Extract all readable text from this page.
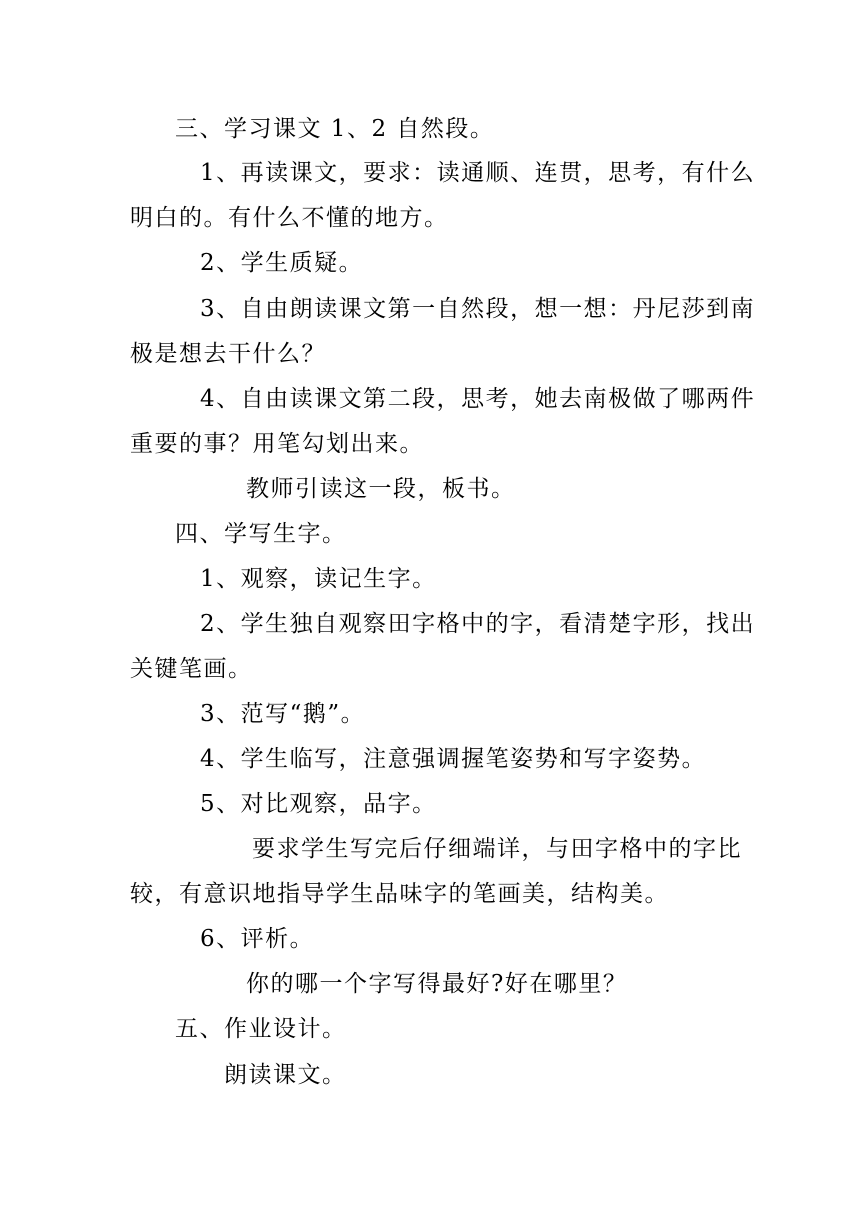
三、学习课文 1、2 自然段。
1、再读课文，要求：读通顺、连贯，思考，有什么
明白的。有什么不懂的地方。
2、学生质疑。
3、自由朗读课文第一自然段，想一想：丹尼莎到南
极是想去干什么？
4、自由读课文第二段，思考，她去南极做了哪两件
重要的事？用笔勾划出来。
教师引读这一段，板书。
四、学写生字。
1、观察，读记生字。
2、学生独自观察田字格中的字，看清楚字形，找出
关键笔画。
3、范写“鹅”。
4、学生临写，注意强调握笔姿势和写字姿势。
5、对比观察，品字。
要求学生写完后仔细端详，与田字格中的字比
较，有意识地指导学生品味字的笔画美，结构美。
6、评析。
你的哪一个字写得最好?好在哪里？
五、作业设计。
朗读课文。
